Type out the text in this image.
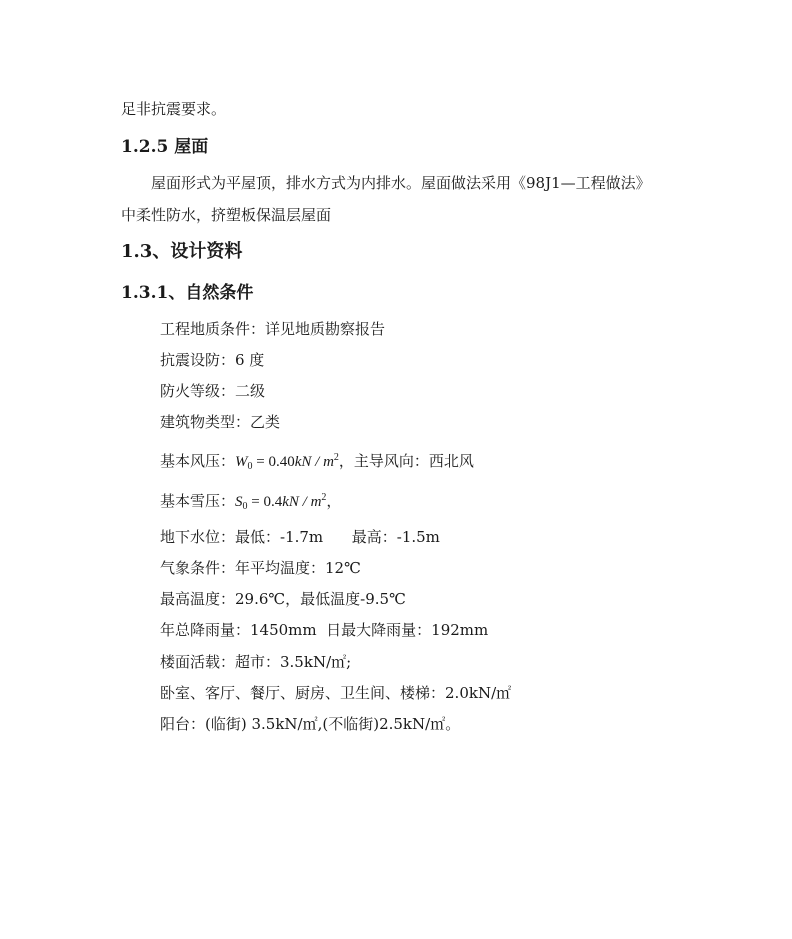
足非抗震要求。
1.2.5 屋面
屋面形式为平屋顶，排水方式为内排水。屋面做法采用《98J1—工程做法》
中柔性防水，挤塑板保温层屋面
1.3、设计资料
1.3.1、自然条件
工程地质条件：详见地质勘察报告
抗震设防：6 度
防火等级：二级
建筑物类型：乙类
基本风压：$W_0 = 0.40kN / m^2$，主导风向：西北风
基本雪压：$S_0 = 0.4kN / m^2$，
地下水位：最低：-1.7m      最高：-1.5m
气象条件：年平均温度：12℃
最高温度：29.6℃，最低温度-9.5℃
年总降雨量：1450mm  日最大降雨量：192mm
楼面活载：超市：3.5kN/㎡;
卧室、客厅、餐厅、厨房、卫生间、楼梯：2.0kN/㎡
阳台：(临街) 3.5kN/㎡,(不临街)2.5kN/㎡。
